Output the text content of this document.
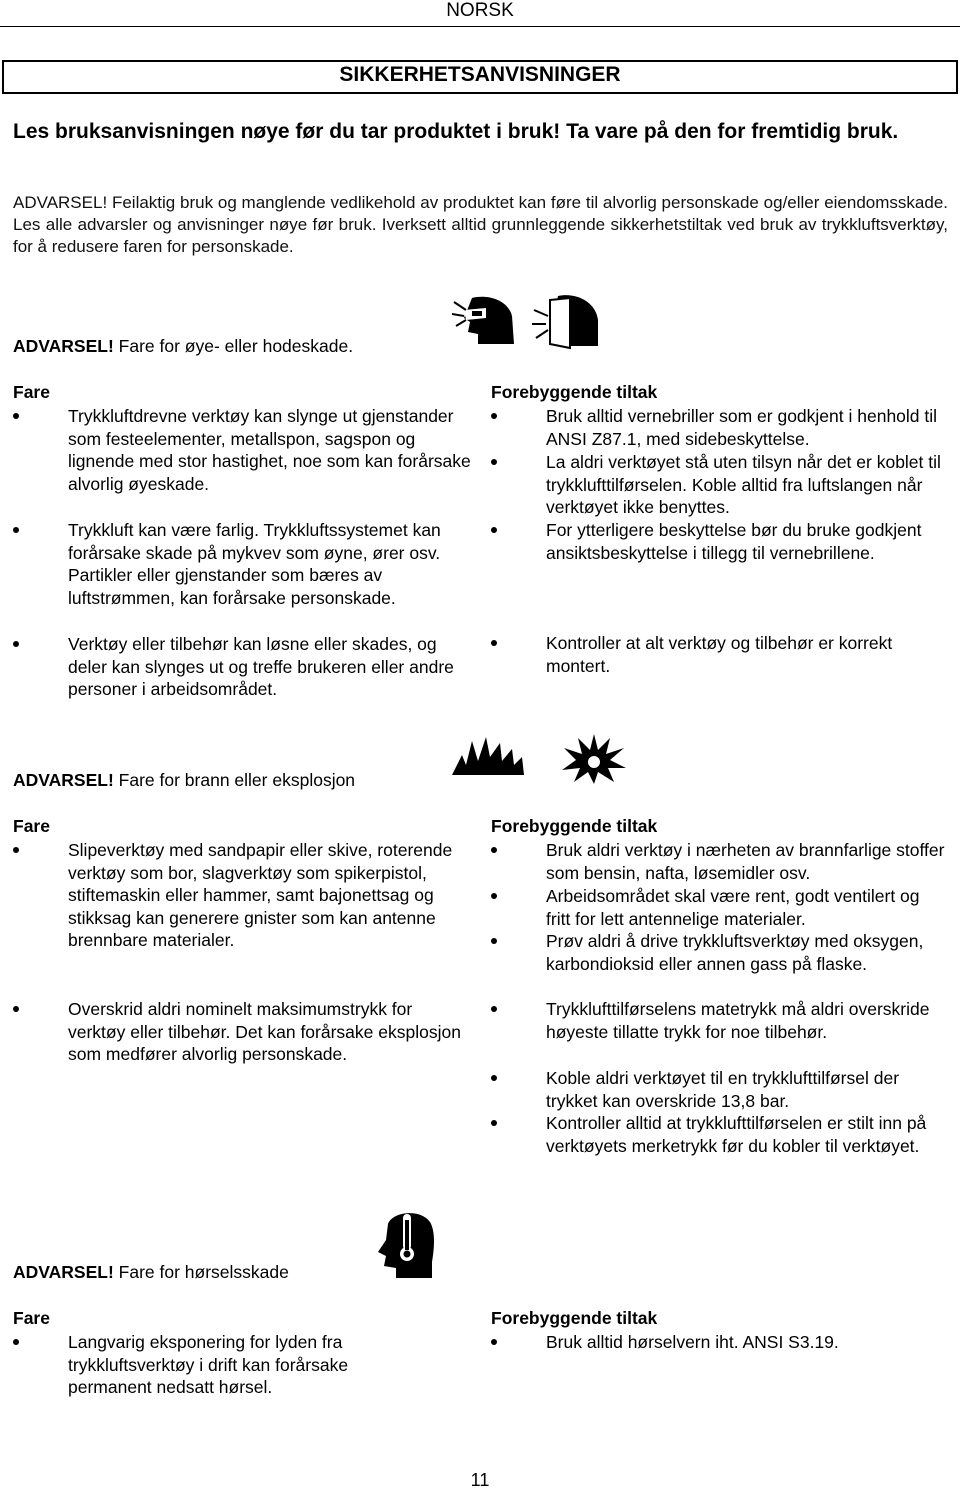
NORSK
SIKKERHETSANVISNINGER
Les bruksanvisningen nøye før du tar produktet i bruk! Ta vare på den for fremtidig bruk.
ADVARSEL! Feilaktig bruk og manglende vedlikehold av produktet kan føre til alvorlig personskade og/eller eiendomsskade. Les alle advarsler og anvisninger nøye før bruk. Iverksett alltid grunnleggende sikkerhetstiltak ved bruk av trykkluftsverktøy, for å redusere faren for personskade.
ADVARSEL! Fare for øye- eller hodeskade.
Fare	Forebyggende tiltak
Trykkluftdrevne verktøy kan slynge ut gjenstander som festeelementer, metallspon, sagspon og lignende med stor hastighet, noe som kan forårsake alvorlig øyeskade.
Trykkluft kan være farlig. Trykkluftssystemet kan forårsake skade på mykvev som øyne, ører osv. Partikler eller gjenstander som bæres av luftstrømmen, kan forårsake personskade.
Verktøy eller tilbehør kan løsne eller skades, og deler kan slynges ut og treffe brukeren eller andre personer i arbeidsområdet.
Bruk alltid vernebriller som er godkjent i henhold til ANSI Z87.1, med sidebeskyttelse.
La aldri verktøyet stå uten tilsyn når det er koblet til trykklufttilførselen. Koble alltid fra luftslangen når verktøyet ikke benyttes.
For ytterligere beskyttelse bør du bruke godkjent ansiktsbeskyttelse i tillegg til vernebrillene.
Kontroller at alt verktøy og tilbehør er korrekt montert.
ADVARSEL! Fare for brann eller eksplosjon
Fare	Forebyggende tiltak
Slipeverktøy med sandpapir eller skive, roterende verktøy som bor, slagverktøy som spikerpistol, stiftemaskin eller hammer, samt bajonettsag og stikksag kan generere gnister som kan antenne brennbare materialer.
Overskrid aldri nominelt maksimumstrykk for verktøy eller tilbehør. Det kan forårsake eksplosjon som medfører alvorlig personskade.
Bruk aldri verktøy i nærheten av brannfarlige stoffer som bensin, nafta, løsemidler osv.
Arbeidsområdet skal være rent, godt ventilert og fritt for lett antennelige materialer.
Prøv aldri å drive trykkluftsverktøy med oksygen, karbondioksid eller annen gass på flaske.
Trykklufttilførselens matetrykk må aldri overskride høyeste tillatte trykk for noe tilbehør.
Koble aldri verktøyet til en trykklufttilførsel der trykket kan overskride 13,8 bar.
Kontroller alltid at trykklufttilførselen er stilt inn på verktøyets merketrykk før du kobler til verktøyet.
ADVARSEL! Fare for hørselsskade
Fare	Forebyggende tiltak
Langvarig eksponering for lyden fra trykkluftsverktøy i drift kan forårsake permanent nedsatt hørsel.
Bruk alltid hørselvern iht. ANSI S3.19.
11
